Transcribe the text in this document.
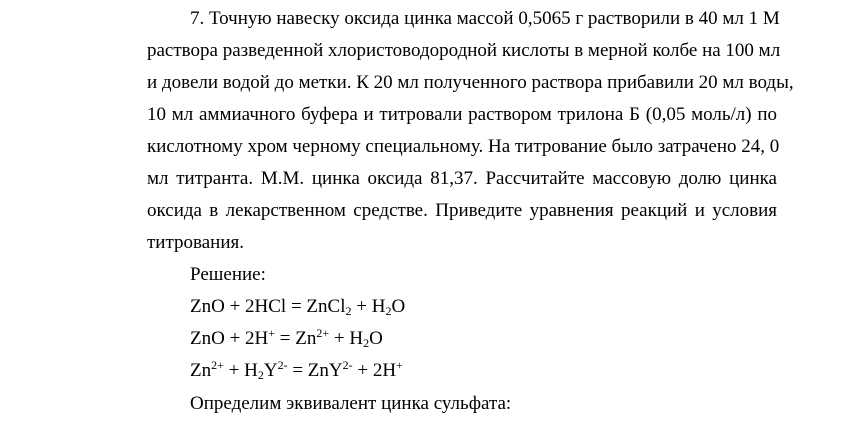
7. Точную навеску оксида цинка массой 0,5065 г растворили в 40 мл 1 М
раствора разведенной хлористоводородной кислоты в мерной колбе на 100 мл
и довели водой до метки. К 20 мл полученного раствора прибавили 20 мл воды,
10 мл аммиачного буфера и титровали раствором трилона Б (0,05 моль/л) по
кислотному хром черному специальному. На титрование было затрачено 24, 0
мл титранта. М.М. цинка оксида 81,37. Рассчитайте массовую долю цинка
оксида в лекарственном средстве. Приведите уравнения реакций и условия
титрования.
Решение:
ZnO + 2HCl = ZnCl$_2$ + $H_2O$
ZnO + $2H^+ = Zn^{2+} + H_2O$
$Zn^{2+} + H_2Y^{2-} = ZnY^{2-} + 2H^+$
Определим эквивалент цинка сульфата:
